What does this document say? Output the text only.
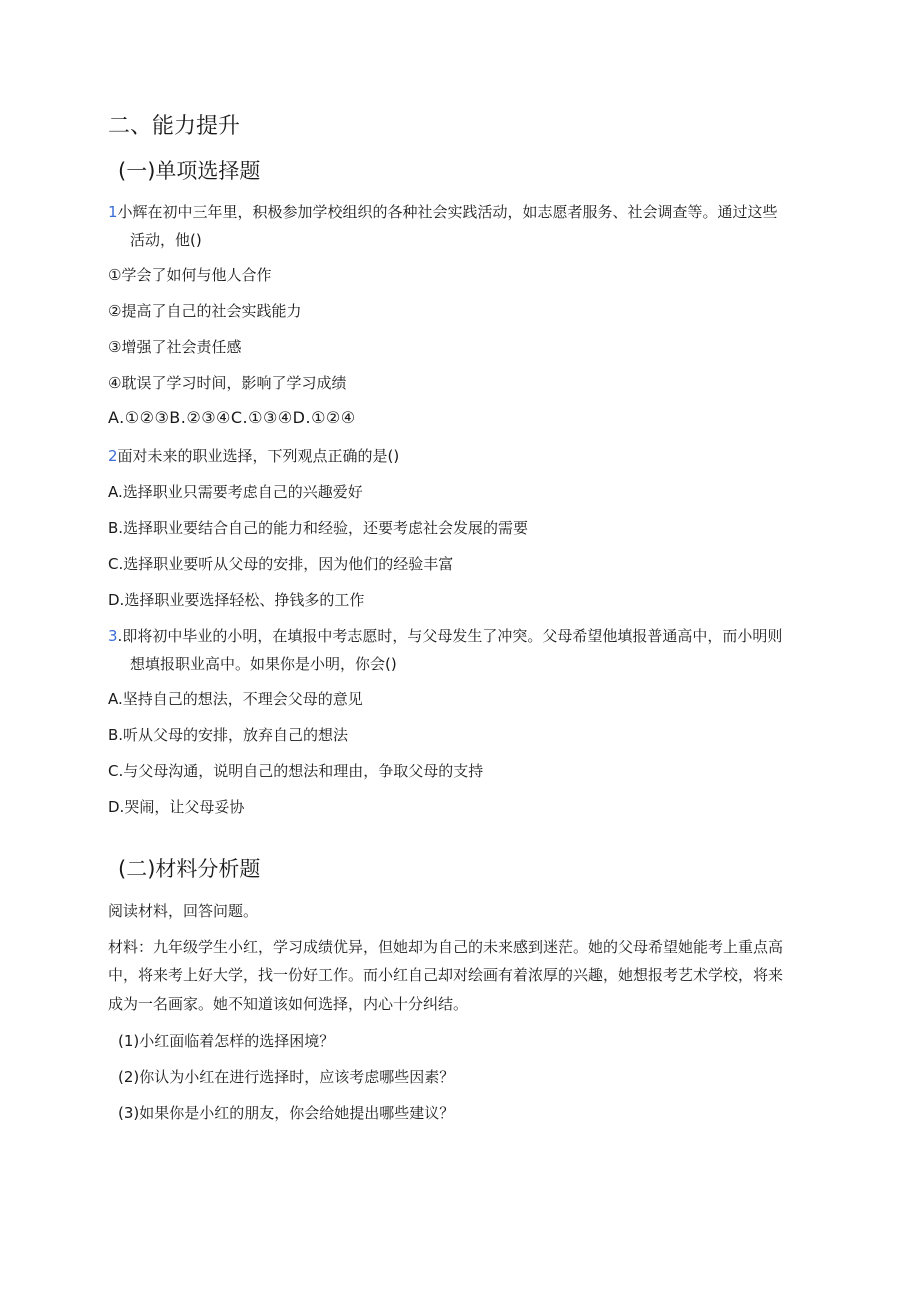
二、能力提升
(一)单项选择题
1小辉在初中三年里，积极参加学校组织的各种社会实践活动，如志愿者服务、社会调查等。通过这些
活动，他()
①学会了如何与他人合作
②提高了自己的社会实践能力
③增强了社会责任感
④耽误了学习时间，影响了学习成绩
A.①②③B.②③④C.①③④D.①②④
2面对未来的职业选择，下列观点正确的是()
A.选择职业只需要考虑自己的兴趣爱好
B.选择职业要结合自己的能力和经验，还要考虑社会发展的需要
C.选择职业要听从父母的安排，因为他们的经验丰富
D.选择职业要选择轻松、挣钱多的工作
3.即将初中毕业的小明，在填报中考志愿时，与父母发生了冲突。父母希望他填报普通高中，而小明则
想填报职业高中。如果你是小明，你会()
A.坚持自己的想法，不理会父母的意见
B.听从父母的安排，放弃自己的想法
C.与父母沟通，说明自己的想法和理由，争取父母的支持
D.哭闹，让父母妥协
(二)材料分析题
阅读材料，回答问题。
材料：九年级学生小红，学习成绩优异，但她却为自己的未来感到迷茫。她的父母希望她能考上重点高
中，将来考上好大学，找一份好工作。而小红自己却对绘画有着浓厚的兴趣，她想报考艺术学校，将来
成为一名画家。她不知道该如何选择，内心十分纠结。
(1)小红面临着怎样的选择困境？
(2)你认为小红在进行选择时，应该考虑哪些因素？
(3)如果你是小红的朋友，你会给她提出哪些建议？
